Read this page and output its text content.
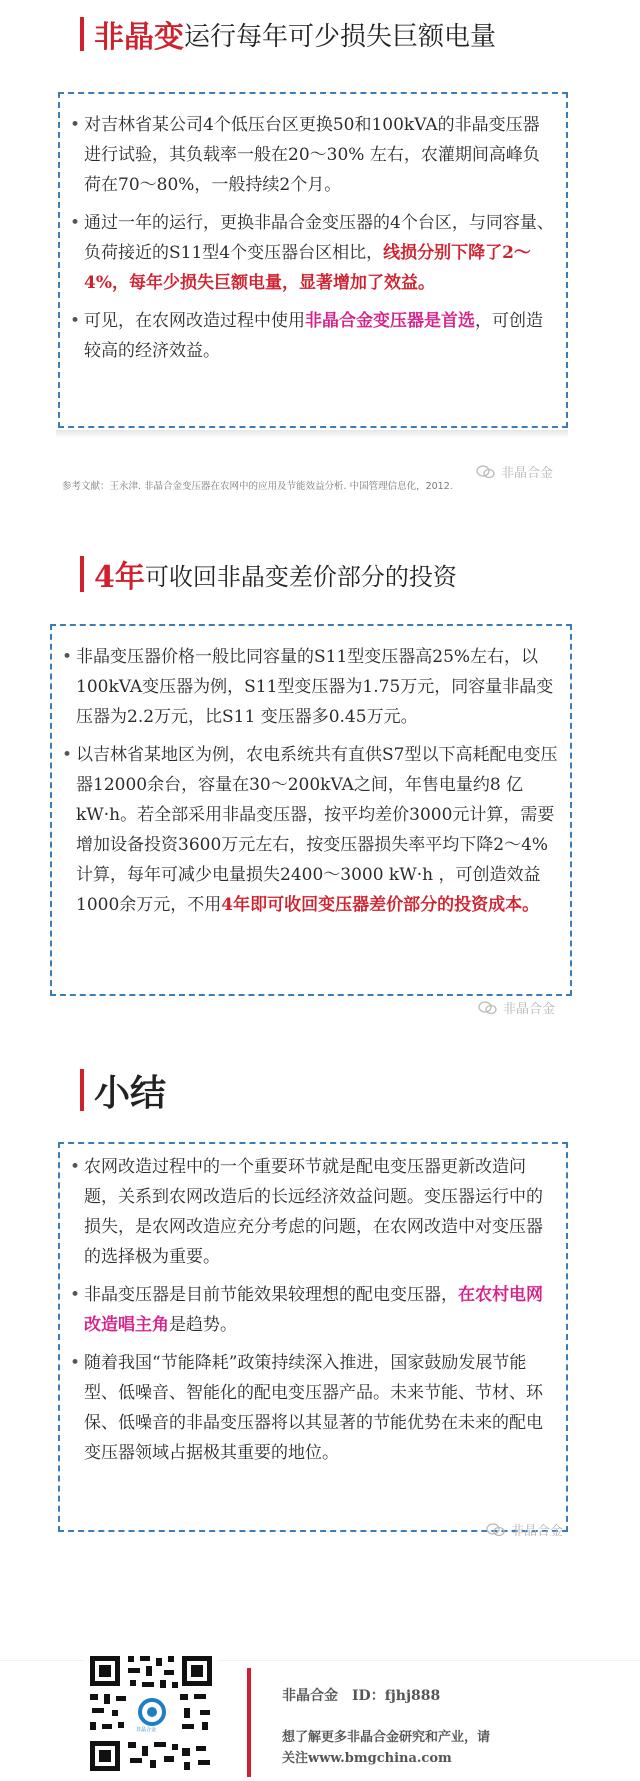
非晶变 运行每年可少损失巨额电量
• 对吉林省某公司4个低压台区更换50和100kVA的非晶变压器进行试验，其负载率一般在20～30% 左右，农灌期间高峰负荷在70～80%，一般持续2个月。
• 通过一年的运行，更换非晶合金变压器的4个台区，与同容量、负荷接近的S11型4个变压器台区相比，线损分别下降了2～4%，每年少损失巨额电量，显著增加了效益。
• 可见，在农网改造过程中使用非晶合金变压器是首选，可创造较高的经济效益。
非晶合金
参考文献：王永津. 非晶合金变压器在农网中的应用及节能效益分析. 中国管理信息化，2012.
4年 可收回非晶变差价部分的投资
• 非晶变压器价格一般比同容量的S11型变压器高25%左右，以100kVA变压器为例，S11型变压器为1.75万元，同容量非晶变压器为2.2万元，比S11 变压器多0.45万元。
• 以吉林省某地区为例，农电系统共有直供S7型以下高耗配电变压器12000余台，容量在30～200kVA之间，年售电量约8 亿kW·h。若全部采用非晶变压器，按平均差价3000元计算，需要增加设备投资3600万元左右，按变压器损失率平均下降2～4%计算，每年可减少电量损失2400～3000 kW·h ，可创造效益1000余万元，不用4年即可收回变压器差价部分的投资成本。
非晶合金
小结
• 农网改造过程中的一个重要环节就是配电变压器更新改造问题，关系到农网改造后的长远经济效益问题。变压器运行中的损失，是农网改造应充分考虑的问题，在农网改造中对变压器的选择极为重要。
• 非晶变压器是目前节能效果较理想的配电变压器，在农村电网改造唱主角是趋势。
• 随着我国“节能降耗”政策持续深入推进，国家鼓励发展节能型、低噪音、智能化的配电变压器产品。未来节能、节材、环保、低噪音的非晶变压器将以其显著的节能优势在未来的配电变压器领域占据极其重要的地位。
非晶合金
非晶合金
非晶合金　ID：fjhj888
想了解更多非晶合金研究和产业，请
关注www.bmgchina.com
